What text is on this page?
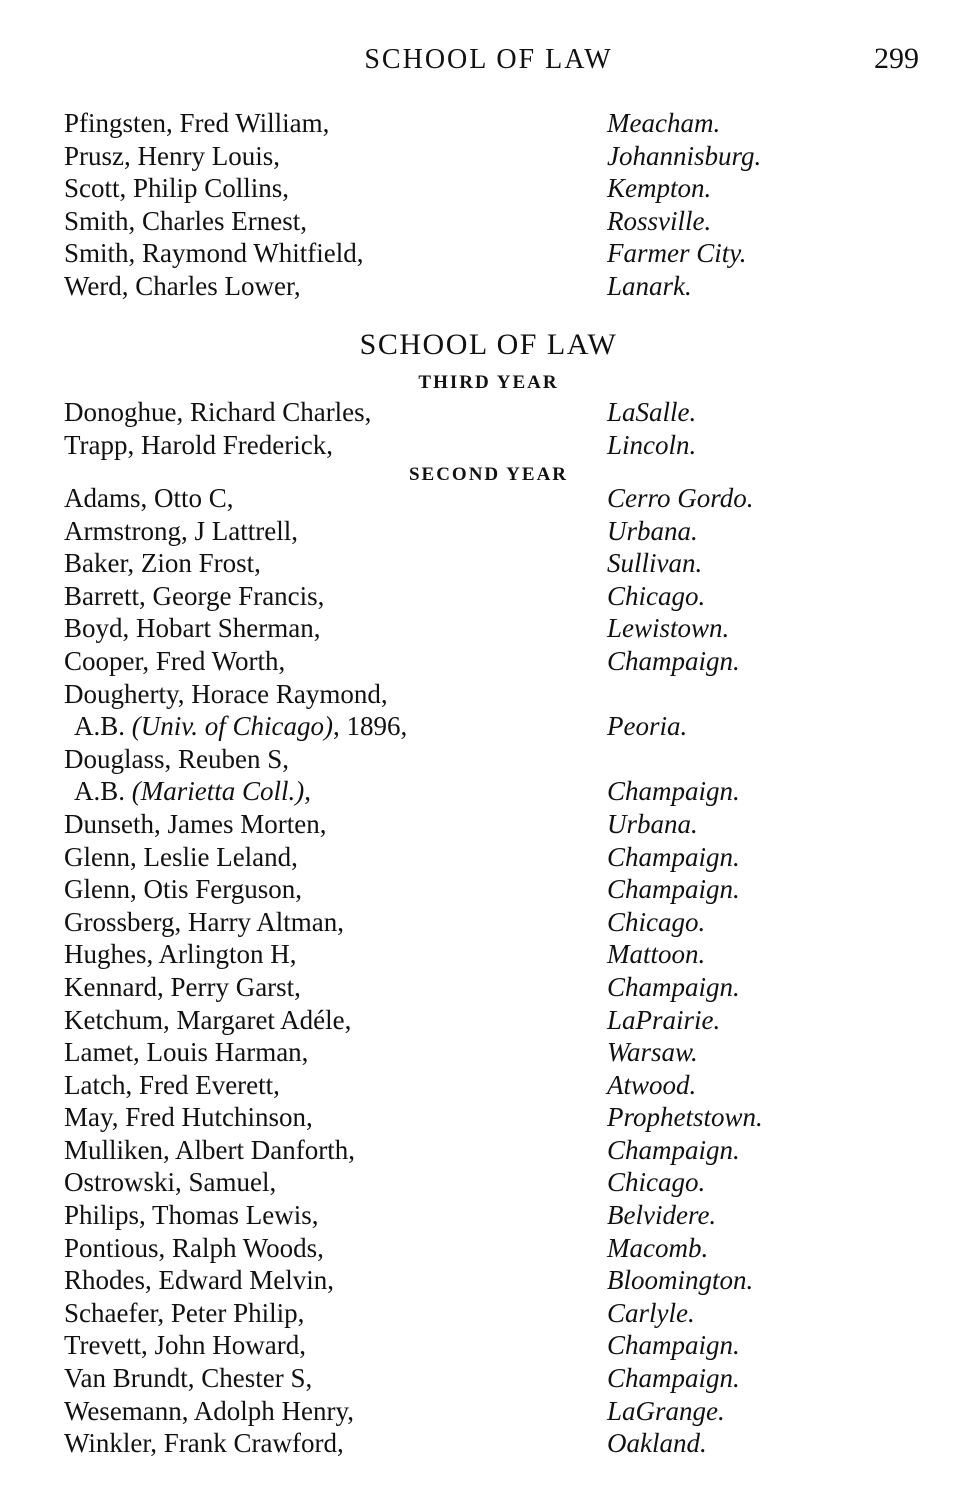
SCHOOL OF LAW	299
Pfingsten, Fred William,	Meacham.
Prusz, Henry Louis,	Johannisburg.
Scott, Philip Collins,	Kempton.
Smith, Charles Ernest,	Rossville.
Smith, Raymond Whitfield,	Farmer City.
Werd, Charles Lower,	Lanark.
SCHOOL OF LAW
THIRD YEAR
Donoghue, Richard Charles,	LaSalle.
Trapp, Harold Frederick,	Lincoln.
SECOND YEAR
Adams, Otto C,	Cerro Gordo.
Armstrong, J Lattrell,	Urbana.
Baker, Zion Frost,	Sullivan.
Barrett, George Francis,	Chicago.
Boyd, Hobart Sherman,	Lewistown.
Cooper, Fred Worth,	Champaign.
Dougherty, Horace Raymond,
A.B. (Univ. of Chicago), 1896,	Peoria.
Douglass, Reuben S,
A.B. (Marietta Coll.),	Champaign.
Dunseth, James Morten,	Urbana.
Glenn, Leslie Leland,	Champaign.
Glenn, Otis Ferguson,	Champaign.
Grossberg, Harry Altman,	Chicago.
Hughes, Arlington H,	Mattoon.
Kennard, Perry Garst,	Champaign.
Ketchum, Margaret Adéle,	LaPrairie.
Lamet, Louis Harman,	Warsaw.
Latch, Fred Everett,	Atwood.
May, Fred Hutchinson,	Prophetstown.
Mulliken, Albert Danforth,	Champaign.
Ostrowski, Samuel,	Chicago.
Philips, Thomas Lewis,	Belvidere.
Pontious, Ralph Woods,	Macomb.
Rhodes, Edward Melvin,	Bloomington.
Schaefer, Peter Philip,	Carlyle.
Trevett, John Howard,	Champaign.
Van Brundt, Chester S,	Champaign.
Wesemann, Adolph Henry,	LaGrange.
Winkler, Frank Crawford,	Oakland.
